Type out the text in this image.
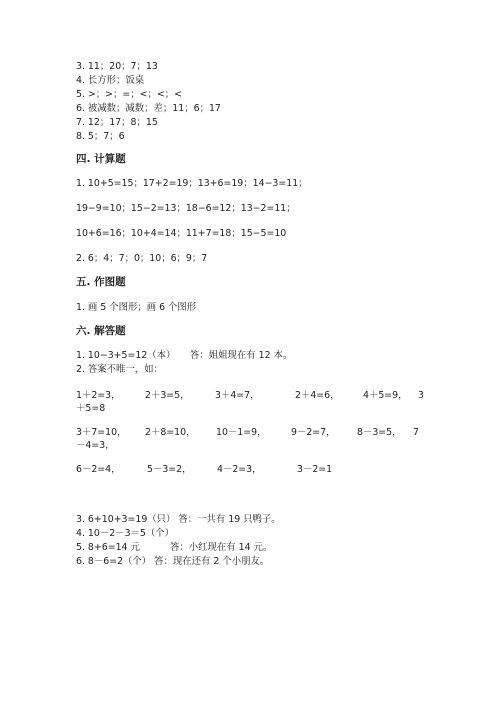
3. 11；20；7；13
4. 长方形；饭桌
5. >；>；=；<；<；<
6. 被减数；减数；差；11；6；17
7. 12；17；8；15
8. 5；7；6
四. 计算题
1. 10+5=15；17+2=19；13+6=19；14−3=11；
19−9=10；15−2=13；18−6=12；13−2=11；
10+6=16；10+4=14；11+7=18；15−5=10
2. 6；4；7；0；10；6；9；7
五. 作图题
1. 画 5 个图形；画 6 个图形
六. 解答题
1. 10−3+5=12（本） 答：姐姐现在有 12 本。
2. 答案不唯一，如：
1＋2=3，	2＋3=5，	3＋4=7，	2＋4=6，	4＋5=9， 3
＋5=8
3＋7=10， 2＋8=10， 10－1=9，	9－2=7， 8－3=5， 7
－4=3，
6－2=4，	5－3=2，	4－2=3，	3－2=1
3. 6+10+3=19（只） 答：一共有 19 只鸭子。
4. 10－2－3＝5（个）
5. 8+6=14 元	答：小红现在有 14 元。
6. 8－6=2（个） 答：现在还有 2 个小朋友。
